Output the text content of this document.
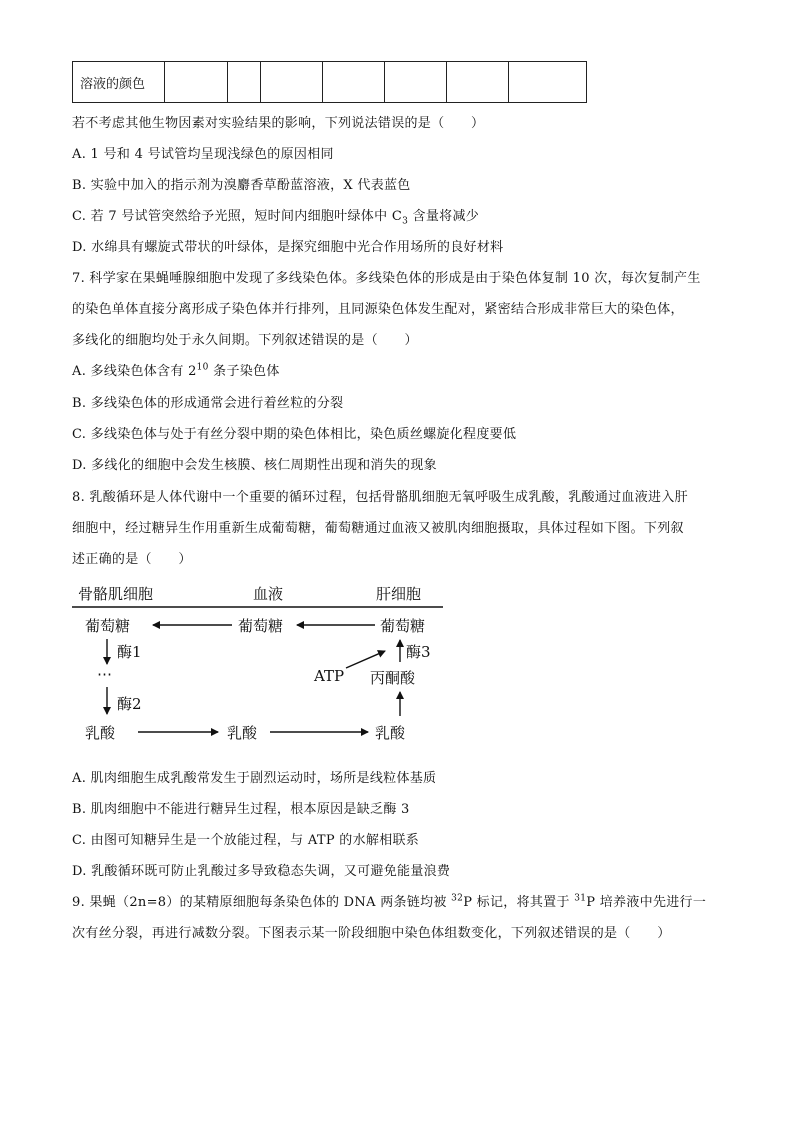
溶液的颜色							
若不考虑其他生物因素对实验结果的影响，下列说法错误的是（　　）
A. 1 号和 4 号试管均呈现浅绿色的原因相同
B. 实验中加入的指示剂为溴麝香草酚蓝溶液，X 代表蓝色
C. 若 7 号试管突然给予光照，短时间内细胞叶绿体中 $C_3$ 含量将减少
D. 水绵具有螺旋式带状的叶绿体，是探究细胞中光合作用场所的良好材料
7. 科学家在果蝇唾腺细胞中发现了多线染色体。多线染色体的形成是由于染色体复制 10 次，每次复制产生
的染色单体直接分离形成子染色体并行排列，且同源染色体发生配对，紧密结合形成非常巨大的染色体，
多线化的细胞均处于永久间期。下列叙述错误的是（　　）
A. 多线染色体含有 $2^{10}$ 条子染色体
B. 多线染色体的形成通常会进行着丝粒的分裂
C. 多线染色体与处于有丝分裂中期的染色体相比，染色质丝螺旋化程度要低
D. 多线化的细胞中会发生核膜、核仁周期性出现和消失的现象
8. 乳酸循环是人体代谢中一个重要的循环过程，包括骨骼肌细胞无氧呼吸生成乳酸，乳酸通过血液进入肝
细胞中，经过糖异生作用重新生成葡萄糖，葡萄糖通过血液又被肌肉细胞摄取，具体过程如下图。下列叙
述正确的是（　　）
骨骼肌细胞	血液	肝细胞
葡萄糖	葡萄糖	葡萄糖
酶1
⋯
酶2
乳酸	乳酸	乳酸
酶3
ATP 丙酮酸
A. 肌肉细胞生成乳酸常发生于剧烈运动时，场所是线粒体基质
B. 肌肉细胞中不能进行糖异生过程，根本原因是缺乏酶 3
C. 由图可知糖异生是一个放能过程，与 ATP 的水解相联系
D. 乳酸循环既可防止乳酸过多导致稳态失调，又可避免能量浪费
9. 果蝇（2n=8）的某精原细胞每条染色体的 DNA 两条链均被 $^{32}$P 标记，将其置于 $^{31}$P 培养液中先进行一
次有丝分裂，再进行减数分裂。下图表示某一阶段细胞中染色体组数变化，下列叙述错误的是（　　）
